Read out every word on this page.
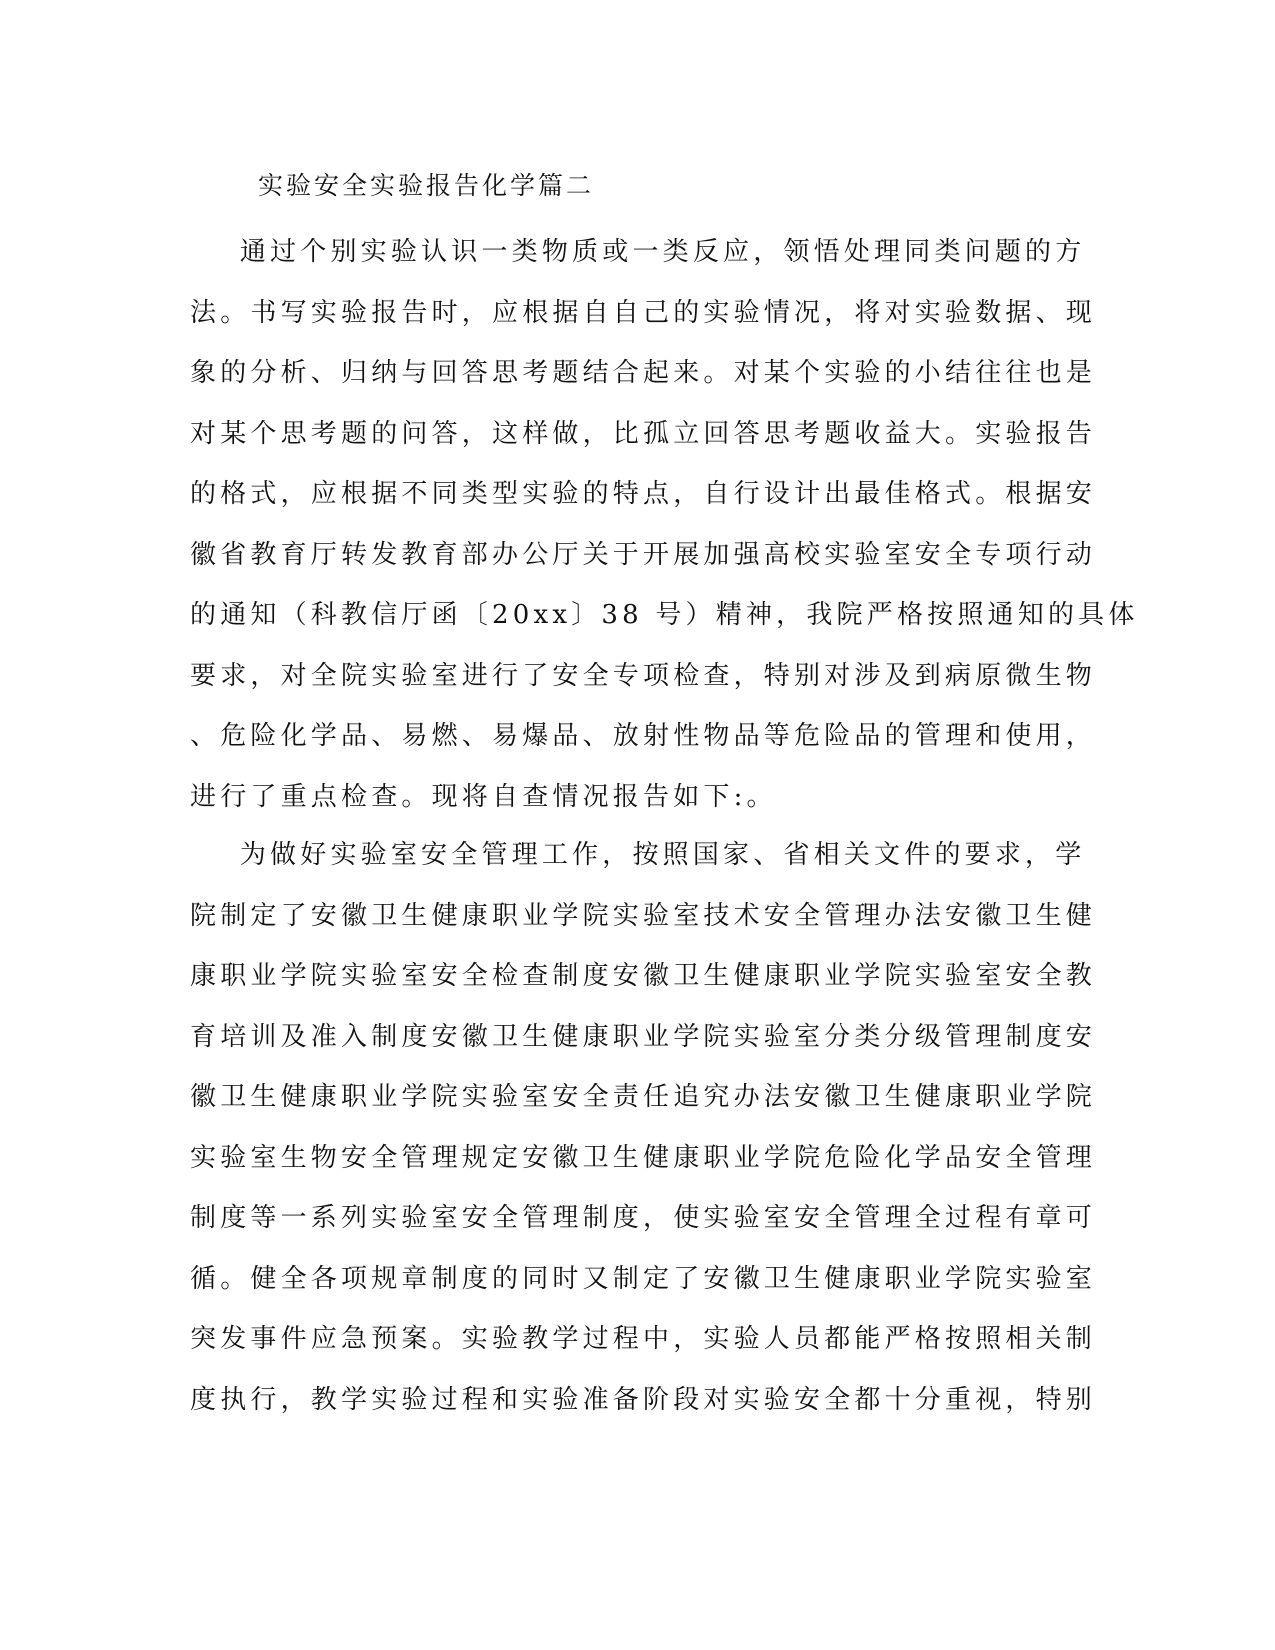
实验安全实验报告化学篇二

通过个别实验认识一类物质或一类反应，领悟处理同类问题的方
法。书写实验报告时，应根据自自己的实验情况，将对实验数据、现
象的分析、归纳与回答思考题结合起来。对某个实验的小结往往也是
对某个思考题的问答，这样做，比孤立回答思考题收益大。实验报告
的格式，应根据不同类型实验的特点，自行设计出最佳格式。根据安
徽省教育厅转发教育部办公厅关于开展加强高校实验室安全专项行动
的通知（科教信厅函〔20xx〕38 号）精神，我院严格按照通知的具体
要求，对全院实验室进行了安全专项检查，特别对涉及到病原微生物
、危险化学品、易燃、易爆品、放射性物品等危险品的管理和使用，
进行了重点检查。现将自查情况报告如下:。

为做好实验室安全管理工作，按照国家、省相关文件的要求，学
院制定了安徽卫生健康职业学院实验室技术安全管理办法安徽卫生健
康职业学院实验室安全检查制度安徽卫生健康职业学院实验室安全教
育培训及准入制度安徽卫生健康职业学院实验室分类分级管理制度安
徽卫生健康职业学院实验室安全责任追究办法安徽卫生健康职业学院
实验室生物安全管理规定安徽卫生健康职业学院危险化学品安全管理
制度等一系列实验室安全管理制度，使实验室安全管理全过程有章可
循。健全各项规章制度的同时又制定了安徽卫生健康职业学院实验室
突发事件应急预案。实验教学过程中，实验人员都能严格按照相关制
度执行，教学实验过程和实验准备阶段对实验安全都十分重视，特别
